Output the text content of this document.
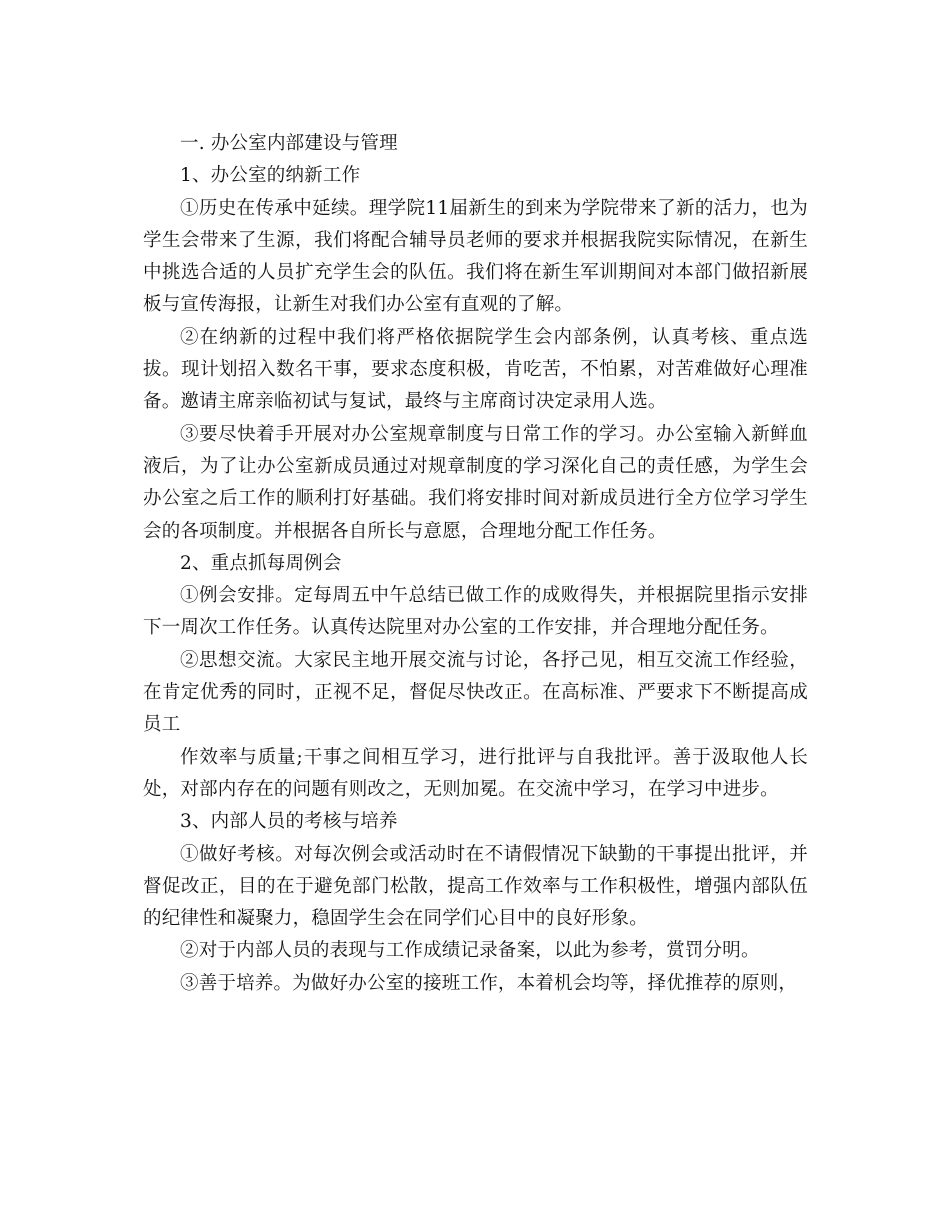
一. 办公室内部建设与管理

1、办公室的纳新工作

①历史在传承中延续。理学院11届新生的到来为学院带来了新的活力，也为学生会带来了生源，我们将配合辅导员老师的要求并根据我院实际情况，在新生中挑选合适的人员扩充学生会的队伍。我们将在新生军训期间对本部门做招新展板与宣传海报，让新生对我们办公室有直观的了解。

②在纳新的过程中我们将严格依据院学生会内部条例，认真考核、重点选拔。现计划招入数名干事，要求态度积极，肯吃苦，不怕累，对苦难做好心理准备。邀请主席亲临初试与复试，最终与主席商讨决定录用人选。

③要尽快着手开展对办公室规章制度与日常工作的学习。办公室输入新鲜血液后，为了让办公室新成员通过对规章制度的学习深化自己的责任感，为学生会办公室之后工作的顺利打好基础。我们将安排时间对新成员进行全方位学习学生会的各项制度。并根据各自所长与意愿，合理地分配工作任务。

2、重点抓每周例会

①例会安排。定每周五中午总结已做工作的成败得失，并根据院里指示安排下一周次工作任务。认真传达院里对办公室的工作安排，并合理地分配任务。

②思想交流。大家民主地开展交流与讨论，各抒己见，相互交流工作经验，在肯定优秀的同时，正视不足，督促尽快改正。在高标准、严要求下不断提高成员工

作效率与质量;干事之间相互学习，进行批评与自我批评。善于汲取他人长处，对部内存在的问题有则改之，无则加冕。在交流中学习，在学习中进步。

3、内部人员的考核与培养

①做好考核。对每次例会或活动时在不请假情况下缺勤的干事提出批评，并督促改正，目的在于避免部门松散，提高工作效率与工作积极性，增强内部队伍的纪律性和凝聚力，稳固学生会在同学们心目中的良好形象。

②对于内部人员的表现与工作成绩记录备案，以此为参考，赏罚分明。

③善于培养。为做好办公室的接班工作，本着机会均等，择优推荐的原则，
